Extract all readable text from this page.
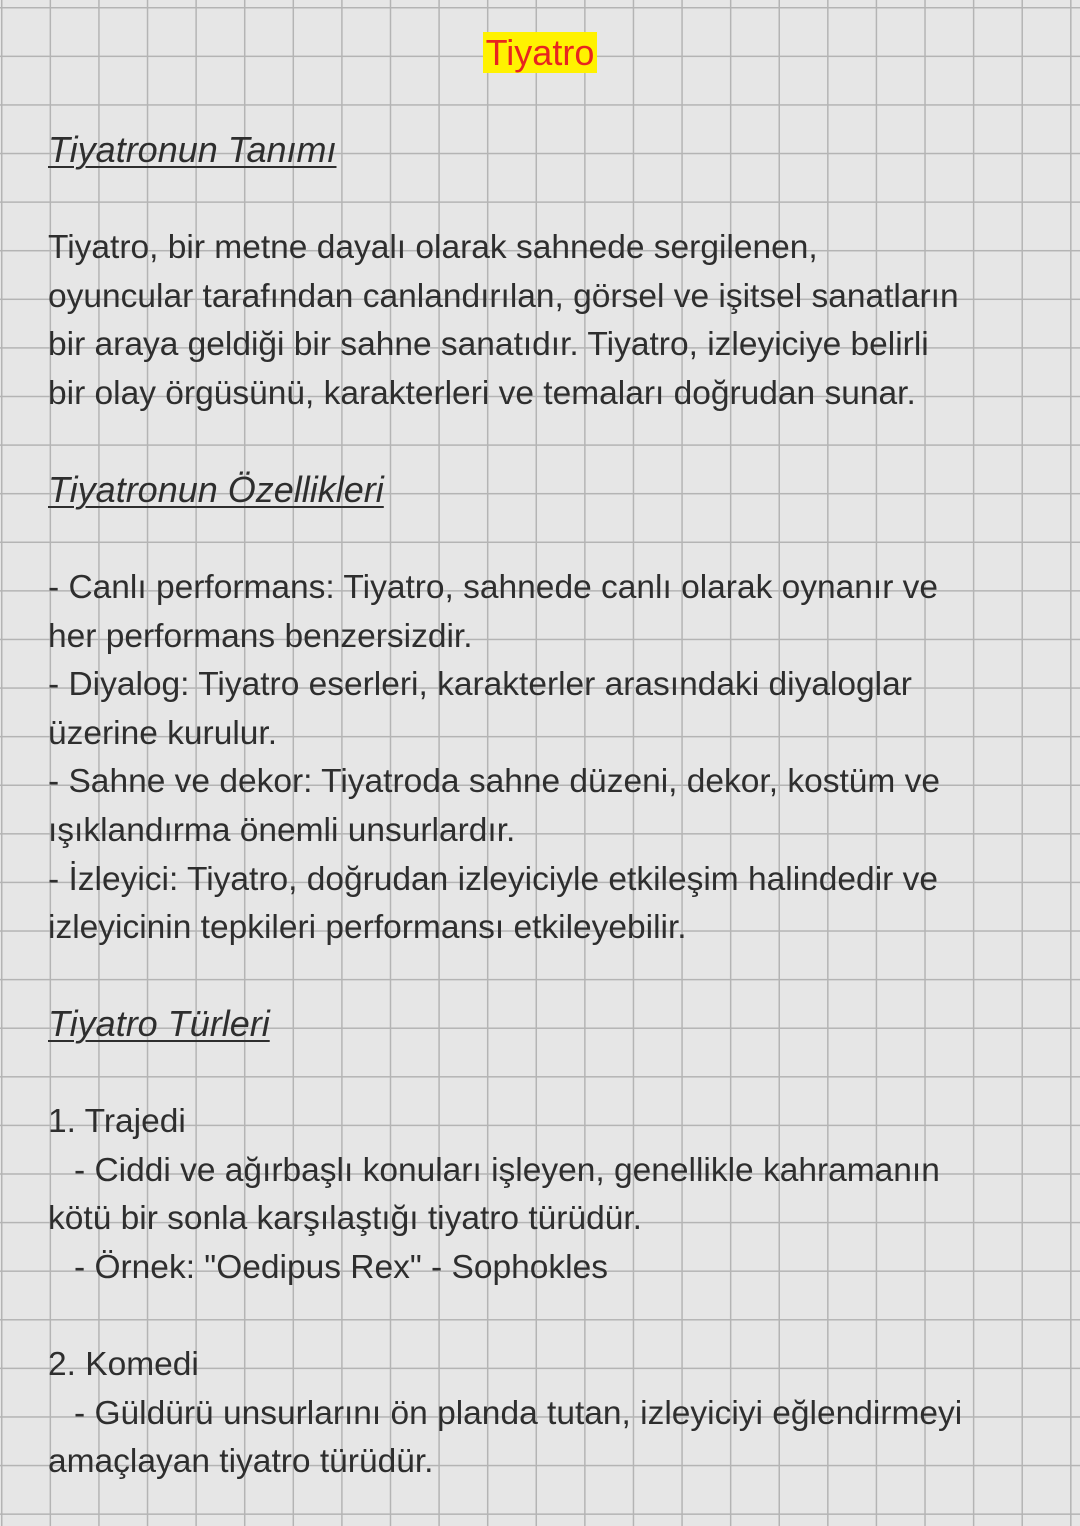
Tiyatro
Tiyatronun Tanımı
Tiyatro, bir metne dayalı olarak sahnede sergilenen,
oyuncular tarafından canlandırılan, görsel ve işitsel sanatların
bir araya geldiği bir sahne sanatıdır. Tiyatro, izleyiciye belirli
bir olay örgüsünü, karakterleri ve temaları doğrudan sunar.
Tiyatronun Özellikleri
- Canlı performans: Tiyatro, sahnede canlı olarak oynanır ve
her performans benzersizdir.
- Diyalog: Tiyatro eserleri, karakterler arasındaki diyaloglar
üzerine kurulur.
- Sahne ve dekor: Tiyatroda sahne düzeni, dekor, kostüm ve
ışıklandırma önemli unsurlardır.
- İzleyici: Tiyatro, doğrudan izleyiciyle etkileşim halindedir ve
izleyicinin tepkileri performansı etkileyebilir.
Tiyatro Türleri
1. Trajedi
- Ciddi ve ağırbaşlı konuları işleyen, genellikle kahramanın
kötü bir sonla karşılaştığı tiyatro türüdür.
- Örnek: "Oedipus Rex" - Sophokles
2. Komedi
- Güldürü unsurlarını ön planda tutan, izleyiciyi eğlendirmeyi
amaçlayan tiyatro türüdür.
